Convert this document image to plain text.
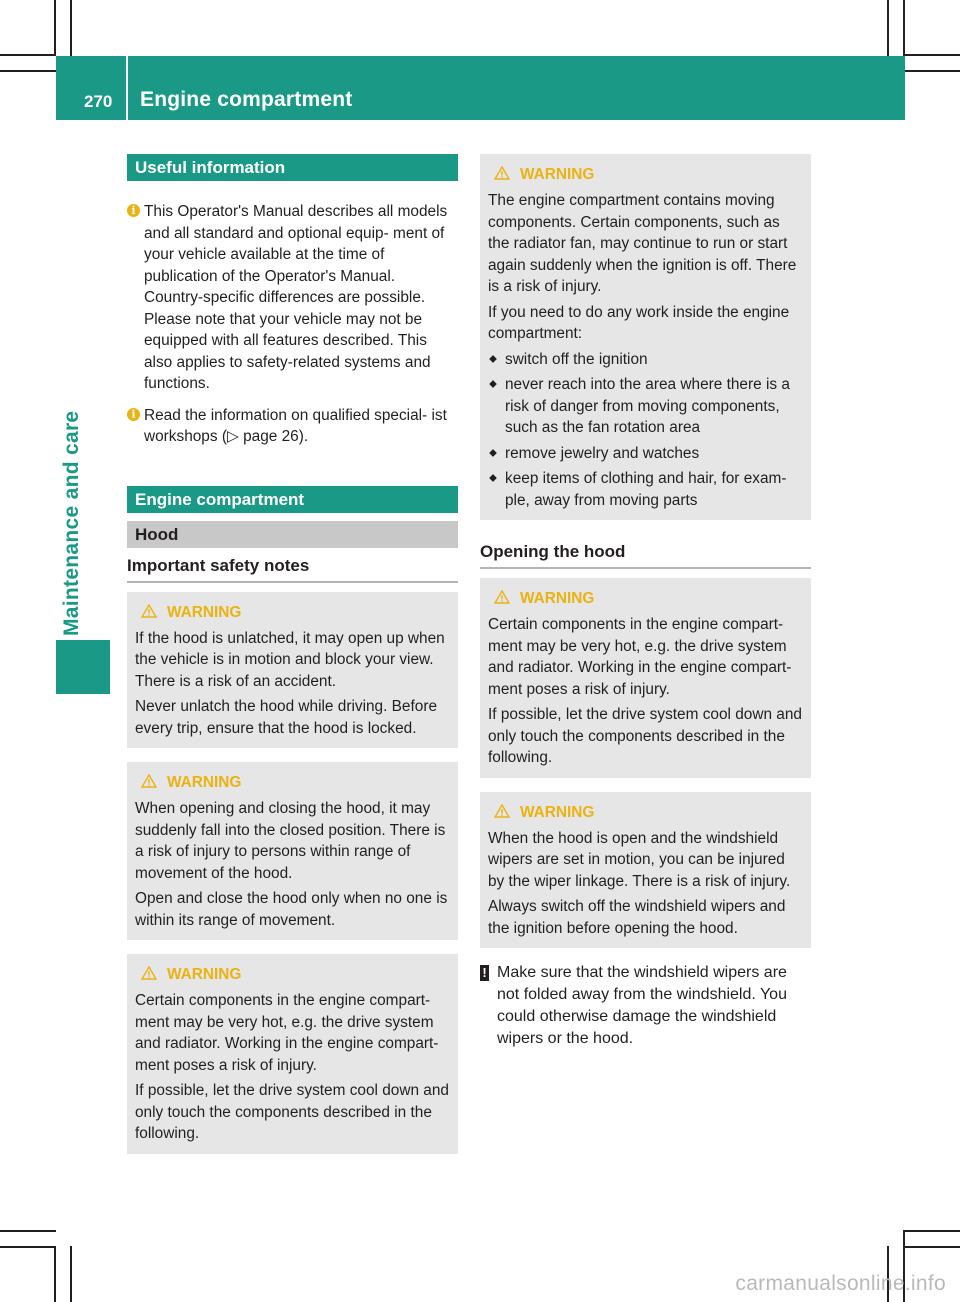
270 Engine compartment
Maintenance and care
Useful information
i This Operator's Manual describes all models and all standard and optional equip- ment of your vehicle available at the time of publication of the Operator's Manual. Country-specific differences are possible. Please note that your vehicle may not be equipped with all features described. This also applies to safety-related systems and functions.
i Read the information on qualified special- ist workshops (▷ page 26).
Engine compartment
Hood
Important safety notes
WARNING
If the hood is unlatched, it may open up when the vehicle is in motion and block your view. There is a risk of an accident.
Never unlatch the hood while driving. Before every trip, ensure that the hood is locked.
WARNING
When opening and closing the hood, it may suddenly fall into the closed position. There is a risk of injury to persons within range of movement of the hood.
Open and close the hood only when no one is within its range of movement.
WARNING
Certain components in the engine compart- ment may be very hot, e.g. the drive system and radiator. Working in the engine compart- ment poses a risk of injury.
If possible, let the drive system cool down and only touch the components described in the following.
WARNING
The engine compartment contains moving components. Certain components, such as the radiator fan, may continue to run or start again suddenly when the ignition is off. There is a risk of injury.
If you need to do any work inside the engine compartment:
switch off the ignition
never reach into the area where there is a risk of danger from moving components, such as the fan rotation area
remove jewelry and watches
keep items of clothing and hair, for exam- ple, away from moving parts
Opening the hood
WARNING
Certain components in the engine compart- ment may be very hot, e.g. the drive system and radiator. Working in the engine compart- ment poses a risk of injury.
If possible, let the drive system cool down and only touch the components described in the following.
WARNING
When the hood is open and the windshield wipers are set in motion, you can be injured by the wiper linkage. There is a risk of injury.
Always switch off the windshield wipers and the ignition before opening the hood.
! Make sure that the windshield wipers are not folded away from the windshield. You could otherwise damage the windshield wipers or the hood.
carmanualsonline.info
